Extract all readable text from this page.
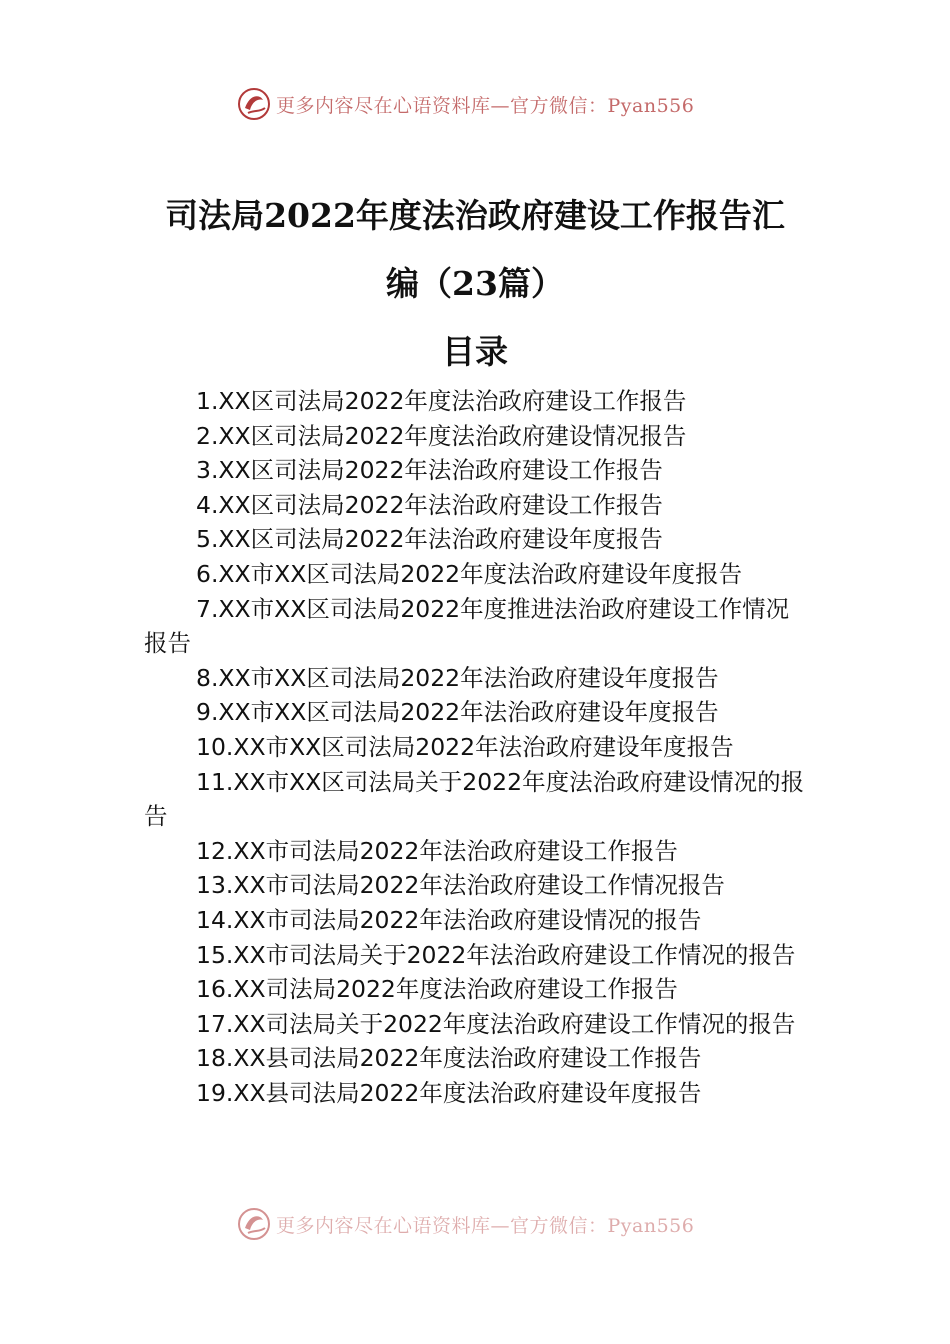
更多内容尽在心语资料库—官方微信：Pyan556
司法局2022年度法治政府建设工作报告汇
编（23篇）
目录
1.XX区司法局2022年度法治政府建设工作报告
2.XX区司法局2022年度法治政府建设情况报告
3.XX区司法局2022年法治政府建设工作报告
4.XX区司法局2022年法治政府建设工作报告
5.XX区司法局2022年法治政府建设年度报告
6.XX市XX区司法局2022年度法治政府建设年度报告
7.XX市XX区司法局2022年度推进法治政府建设工作情况报告
8.XX市XX区司法局2022年法治政府建设年度报告
9.XX市XX区司法局2022年法治政府建设年度报告
10.XX市XX区司法局2022年法治政府建设年度报告
11.XX市XX区司法局关于2022年度法治政府建设情况的报告
12.XX市司法局2022年法治政府建设工作报告
13.XX市司法局2022年法治政府建设工作情况报告
14.XX市司法局2022年法治政府建设情况的报告
15.XX市司法局关于2022年法治政府建设工作情况的报告
16.XX司法局2022年度法治政府建设工作报告
17.XX司法局关于2022年度法治政府建设工作情况的报告
18.XX县司法局2022年度法治政府建设工作报告
19.XX县司法局2022年度法治政府建设年度报告
更多内容尽在心语资料库—官方微信：Pyan556
